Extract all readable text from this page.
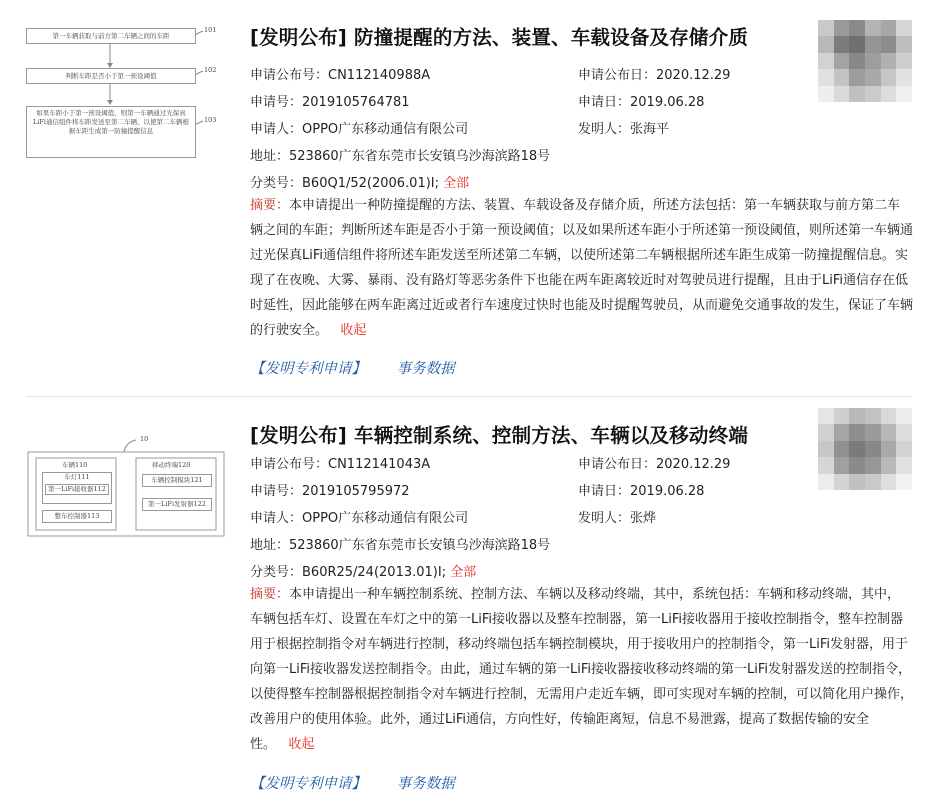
第一车辆获取与前方第二车辆之间的车距
101
判断车距是否小于第一预设阈值
102
如果车距小于第一预设阈值，则第一车辆通过光保真LiFi通信组件将车距发送至第二车辆，以使第二车辆根据车距生成第一防撞提醒信息
103
[发明公布] 防撞提醒的方法、装置、车载设备及存储介质
申请公布号：CN112140988A	申请公布日：2020.12.29
申请号：2019105764781	申请日：2019.06.28
申请人：OPPO广东移动通信有限公司	发明人：张海平
地址：523860广东省东莞市长安镇乌沙海滨路18号
分类号：B60Q1/52(2006.01)I; 全部
摘要：本申请提出一种防撞提醒的方法、装置、车载设备及存储介质，所述方法包括：第一车辆获取与前方第二车辆之间的车距；判断所述车距是否小于第一预设阈值；以及如果所述车距小于所述第一预设阈值，则所述第一车辆通过光保真LiFi通信组件将所述车距发送至所述第二车辆，以使所述第二车辆根据所述车距生成第一防撞提醒信息。实现了在夜晚、大雾、暴雨、没有路灯等恶劣条件下也能在两车距离较近时对驾驶员进行提醒，且由于LiFi通信存在低时延性，因此能够在两车距离过近或者行车速度过快时也能及时提醒驾驶员，从而避免交通事故的发生，保证了车辆的行驶安全。 收起
【发明专利申请】 事务数据
10
车辆110
车灯111
第一LiFi接收器112
整车控制器113
移动终端120
车辆控制模块121
第一LiFi发射器122
[发明公布] 车辆控制系统、控制方法、车辆以及移动终端
申请公布号：CN112141043A	申请公布日：2020.12.29
申请号：2019105795972	申请日：2019.06.28
申请人：OPPO广东移动通信有限公司	发明人：张烨
地址：523860广东省东莞市长安镇乌沙海滨路18号
分类号：B60R25/24(2013.01)I; 全部
摘要：本申请提出一种车辆控制系统、控制方法、车辆以及移动终端，其中，系统包括：车辆和移动终端，其中，车辆包括车灯、设置在车灯之中的第一LiFi接收器以及整车控制器，第一LiFi接收器用于接收控制指令，整车控制器用于根据控制指令对车辆进行控制，移动终端包括车辆控制模块，用于接收用户的控制指令，第一LiFi发射器，用于向第一LiFi接收器发送控制指令。由此，通过车辆的第一LiFi接收器接收移动终端的第一LiFi发射器发送的控制指令，以使得整车控制器根据控制指令对车辆进行控制，无需用户走近车辆，即可实现对车辆的控制，可以简化用户操作，改善用户的使用体验。此外，通过LiFi通信，方向性好，传输距离短，信息不易泄露，提高了数据传输的安全性。 收起
【发明专利申请】 事务数据
